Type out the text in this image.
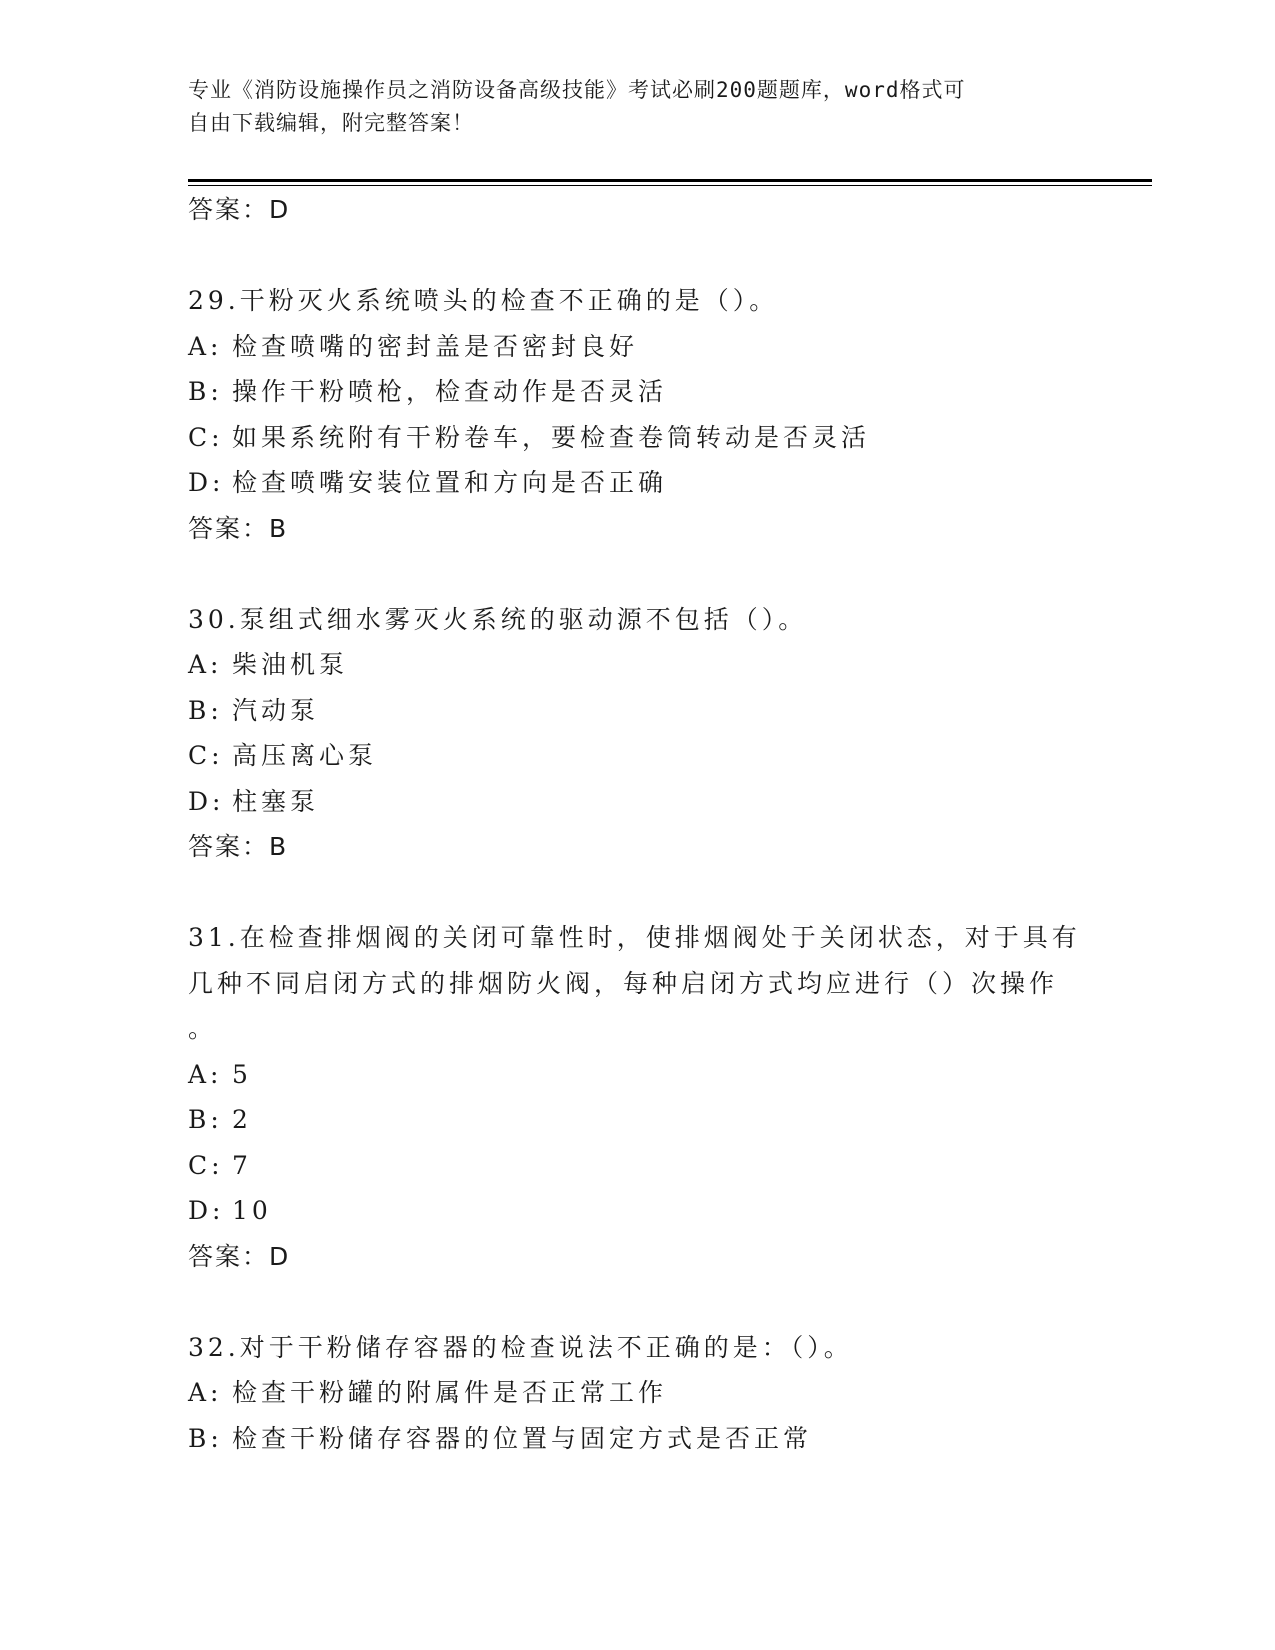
专业《消防设施操作员之消防设备高级技能》考试必刷200题题库，word格式可
自由下载编辑，附完整答案！
答案：D
29.干粉灭火系统喷头的检查不正确的是（）。
A: 检查喷嘴的密封盖是否密封良好
B: 操作干粉喷枪，检查动作是否灵活
C: 如果系统附有干粉卷车，要检查卷筒转动是否灵活
D: 检查喷嘴安装位置和方向是否正确
答案：B
30.泵组式细水雾灭火系统的驱动源不包括（）。
A: 柴油机泵
B: 汽动泵
C: 高压离心泵
D: 柱塞泵
答案：B
31.在检查排烟阀的关闭可靠性时，使排烟阀处于关闭状态，对于具有
几种不同启闭方式的排烟防火阀，每种启闭方式均应进行（）次操作
。
A: 5
B: 2
C: 7
D: 10
答案：D
32.对于干粉储存容器的检查说法不正确的是：（）。
A: 检查干粉罐的附属件是否正常工作
B: 检查干粉储存容器的位置与固定方式是否正常
